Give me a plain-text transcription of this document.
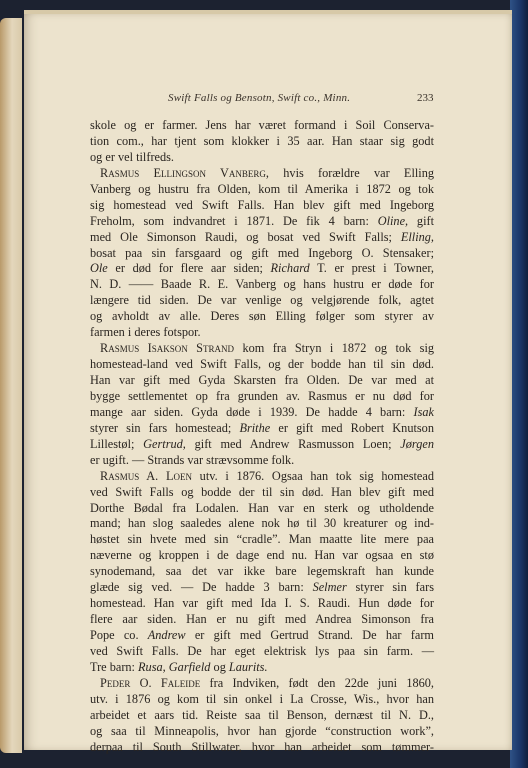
Swift Falls og Bensotn, Swift co., Minn.	233
skole og er farmer. Jens har været formand i Soil Conserva-
tion com., har tjent som klokker i 35 aar. Han staar sig godt
og er vel tilfreds.
Rasmus Ellingson Vanberg, hvis forældre var Elling
Vanberg og hustru fra Olden, kom til Amerika i 1872 og tok
sig homestead ved Swift Falls. Han blev gift med Ingeborg
Freholm, som indvandret i 1871. De fik 4 barn: Oline, gift
med Ole Simonson Raudi, og bosat ved Swift Falls; Elling,
bosat paa sin farsgaard og gift med Ingeborg O. Stensaker;
Ole er død for flere aar siden; Richard T. er prest i Towner,
N. D. —— Baade R. E. Vanberg og hans hustru er døde for
længere tid siden. De var venlige og velgjørende folk, agtet
og avholdt av alle. Deres søn Elling følger som styrer av
farmen i deres fotspor.
Rasmus Isakson Strand kom fra Stryn i 1872 og tok sig
homestead-land ved Swift Falls, og der bodde han til sin død.
Han var gift med Gyda Skarsten fra Olden. De var med at
bygge settlementet op fra grunden av. Rasmus er nu død for
mange aar siden. Gyda døde i 1939. De hadde 4 barn: Isak
styrer sin fars homestead; Brithe er gift med Robert Knutson
Lillestøl; Gertrud, gift med Andrew Rasmusson Loen; Jørgen
er ugift. — Strands var strævsomme folk.
Rasmus A. Loen utv. i 1876. Ogsaa han tok sig homestead
ved Swift Falls og bodde der til sin død. Han blev gift med
Dorthe Bødal fra Lodalen. Han var en sterk og utholdende
mand; han slog saaledes alene nok hø til 30 kreaturer og ind-
høstet sin hvete med sin “cradle”. Man maatte lite mere paa
næverne og kroppen i de dage end nu. Han var ogsaa en stø
synodemand, saa det var ikke bare legemskraft han kunde
glæde sig ved. — De hadde 3 barn: Selmer styrer sin fars
homestead. Han var gift med Ida I. S. Raudi. Hun døde for
flere aar siden. Han er nu gift med Andrea Simonson fra
Pope co. Andrew er gift med Gertrud Strand. De har farm
ved Swift Falls. De har eget elektrisk lys paa sin farm. —
Tre barn: Rusa, Garfield og Laurits.
Peder O. Faleide fra Indviken, født den 22de juni 1860,
utv. i 1876 og kom til sin onkel i La Crosse, Wis., hvor han
arbeidet et aars tid. Reiste saa til Benson, dernæst til N. D.,
og saa til Minneapolis, hvor han gjorde “construction work”,
derpaa til South Stillwater, hvor han arbeidet som tømmer-
